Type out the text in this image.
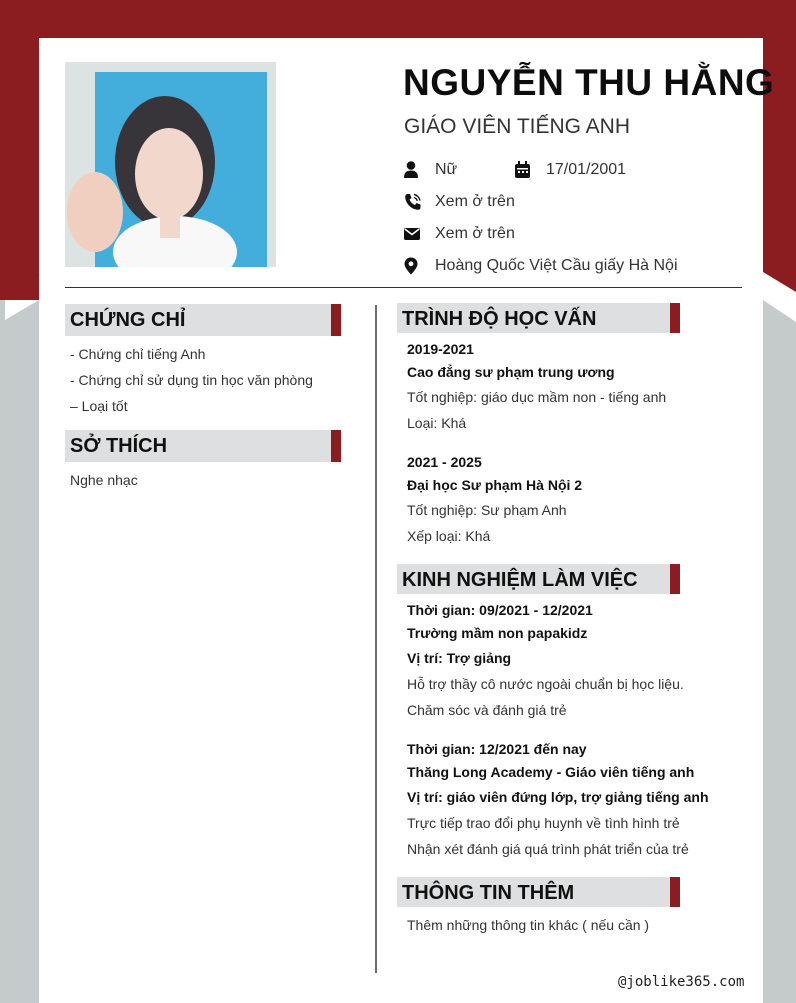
NGUYỄN THU HẰNG
GIÁO VIÊN TIẾNG ANH
Nữ	17/01/2001
Xem ở trên
Xem ở trên
Hoàng Quốc Việt Cầu giấy Hà Nội
CHỨNG CHỈ
- Chứng chỉ tiếng Anh
- Chứng chỉ sử dụng tin học văn phòng
– Loại tốt
SỞ THÍCH
Nghe nhạc
TRÌNH ĐỘ HỌC VẤN
2019-2021
Cao đẳng sư phạm trung ương
Tốt nghiệp: giáo dục mầm non - tiếng anh
Loại: Khá
2021 - 2025
Đại học Sư phạm Hà Nội 2
Tốt nghiệp: Sư phạm Anh
Xếp loại: Khá
KINH NGHIỆM LÀM VIỆC
Thời gian: 09/2021 - 12/2021
Trường mầm non papakidz
Vị trí: Trợ giảng
Hỗ trợ thầy cô nước ngoài chuẩn bị học liệu.
Chăm sóc và đánh giá trẻ
Thời gian: 12/2021 đến nay
Thăng Long Academy - Giáo viên tiếng anh
Vị trí: giáo viên đứng lớp, trợ giảng tiếng anh
Trực tiếp trao đổi phụ huynh về tình hình trẻ
Nhận xét đánh giá quá trình phát triển của trẻ
THÔNG TIN THÊM
Thêm những thông tin khác ( nếu cần )
@joblike365.com
